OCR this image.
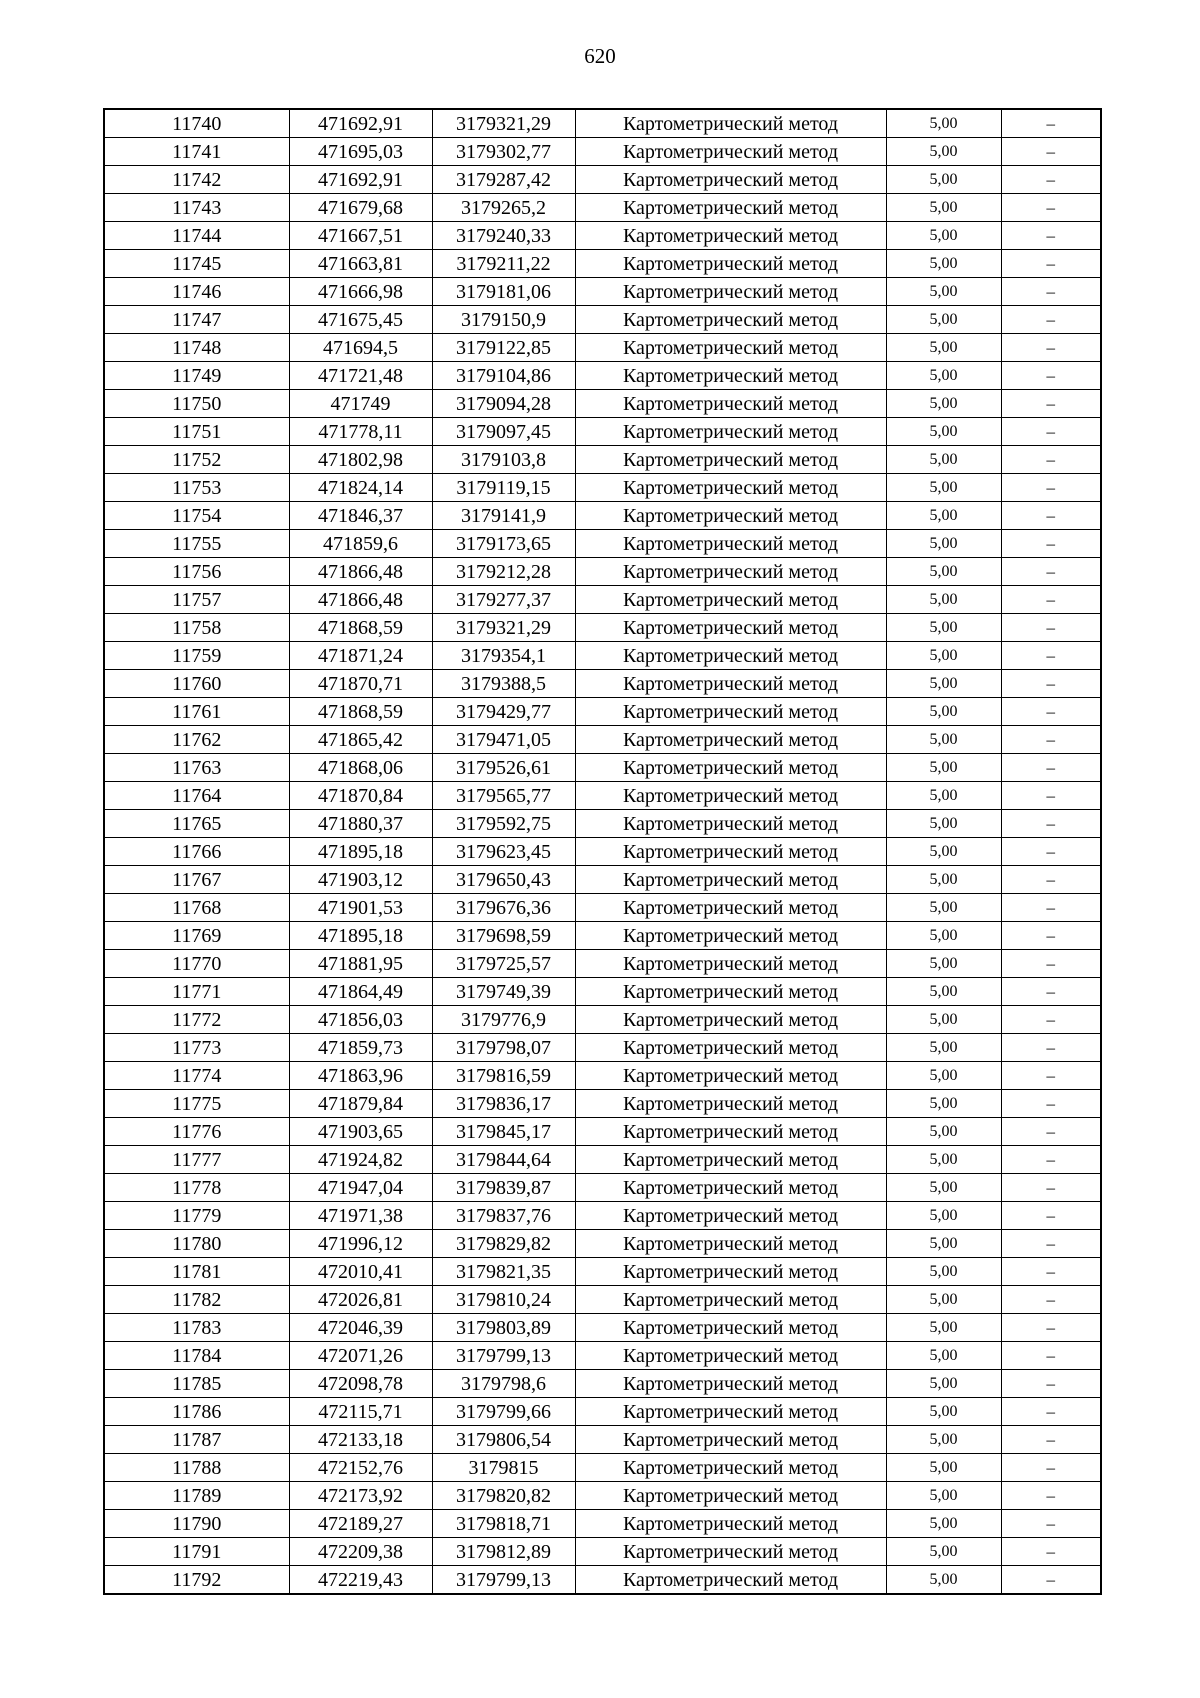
620
11740	471692,91	3179321,29	Картометрический метод	5,00	–
11741	471695,03	3179302,77	Картометрический метод	5,00	–
11742	471692,91	3179287,42	Картометрический метод	5,00	–
11743	471679,68	3179265,2	Картометрический метод	5,00	–
11744	471667,51	3179240,33	Картометрический метод	5,00	–
11745	471663,81	3179211,22	Картометрический метод	5,00	–
11746	471666,98	3179181,06	Картометрический метод	5,00	–
11747	471675,45	3179150,9	Картометрический метод	5,00	–
11748	471694,5	3179122,85	Картометрический метод	5,00	–
11749	471721,48	3179104,86	Картометрический метод	5,00	–
11750	471749	3179094,28	Картометрический метод	5,00	–
11751	471778,11	3179097,45	Картометрический метод	5,00	–
11752	471802,98	3179103,8	Картометрический метод	5,00	–
11753	471824,14	3179119,15	Картометрический метод	5,00	–
11754	471846,37	3179141,9	Картометрический метод	5,00	–
11755	471859,6	3179173,65	Картометрический метод	5,00	–
11756	471866,48	3179212,28	Картометрический метод	5,00	–
11757	471866,48	3179277,37	Картометрический метод	5,00	–
11758	471868,59	3179321,29	Картометрический метод	5,00	–
11759	471871,24	3179354,1	Картометрический метод	5,00	–
11760	471870,71	3179388,5	Картометрический метод	5,00	–
11761	471868,59	3179429,77	Картометрический метод	5,00	–
11762	471865,42	3179471,05	Картометрический метод	5,00	–
11763	471868,06	3179526,61	Картометрический метод	5,00	–
11764	471870,84	3179565,77	Картометрический метод	5,00	–
11765	471880,37	3179592,75	Картометрический метод	5,00	–
11766	471895,18	3179623,45	Картометрический метод	5,00	–
11767	471903,12	3179650,43	Картометрический метод	5,00	–
11768	471901,53	3179676,36	Картометрический метод	5,00	–
11769	471895,18	3179698,59	Картометрический метод	5,00	–
11770	471881,95	3179725,57	Картометрический метод	5,00	–
11771	471864,49	3179749,39	Картометрический метод	5,00	–
11772	471856,03	3179776,9	Картометрический метод	5,00	–
11773	471859,73	3179798,07	Картометрический метод	5,00	–
11774	471863,96	3179816,59	Картометрический метод	5,00	–
11775	471879,84	3179836,17	Картометрический метод	5,00	–
11776	471903,65	3179845,17	Картометрический метод	5,00	–
11777	471924,82	3179844,64	Картометрический метод	5,00	–
11778	471947,04	3179839,87	Картометрический метод	5,00	–
11779	471971,38	3179837,76	Картометрический метод	5,00	–
11780	471996,12	3179829,82	Картометрический метод	5,00	–
11781	472010,41	3179821,35	Картометрический метод	5,00	–
11782	472026,81	3179810,24	Картометрический метод	5,00	–
11783	472046,39	3179803,89	Картометрический метод	5,00	–
11784	472071,26	3179799,13	Картометрический метод	5,00	–
11785	472098,78	3179798,6	Картометрический метод	5,00	–
11786	472115,71	3179799,66	Картометрический метод	5,00	–
11787	472133,18	3179806,54	Картометрический метод	5,00	–
11788	472152,76	3179815	Картометрический метод	5,00	–
11789	472173,92	3179820,82	Картометрический метод	5,00	–
11790	472189,27	3179818,71	Картометрический метод	5,00	–
11791	472209,38	3179812,89	Картометрический метод	5,00	–
11792	472219,43	3179799,13	Картометрический метод	5,00	–
